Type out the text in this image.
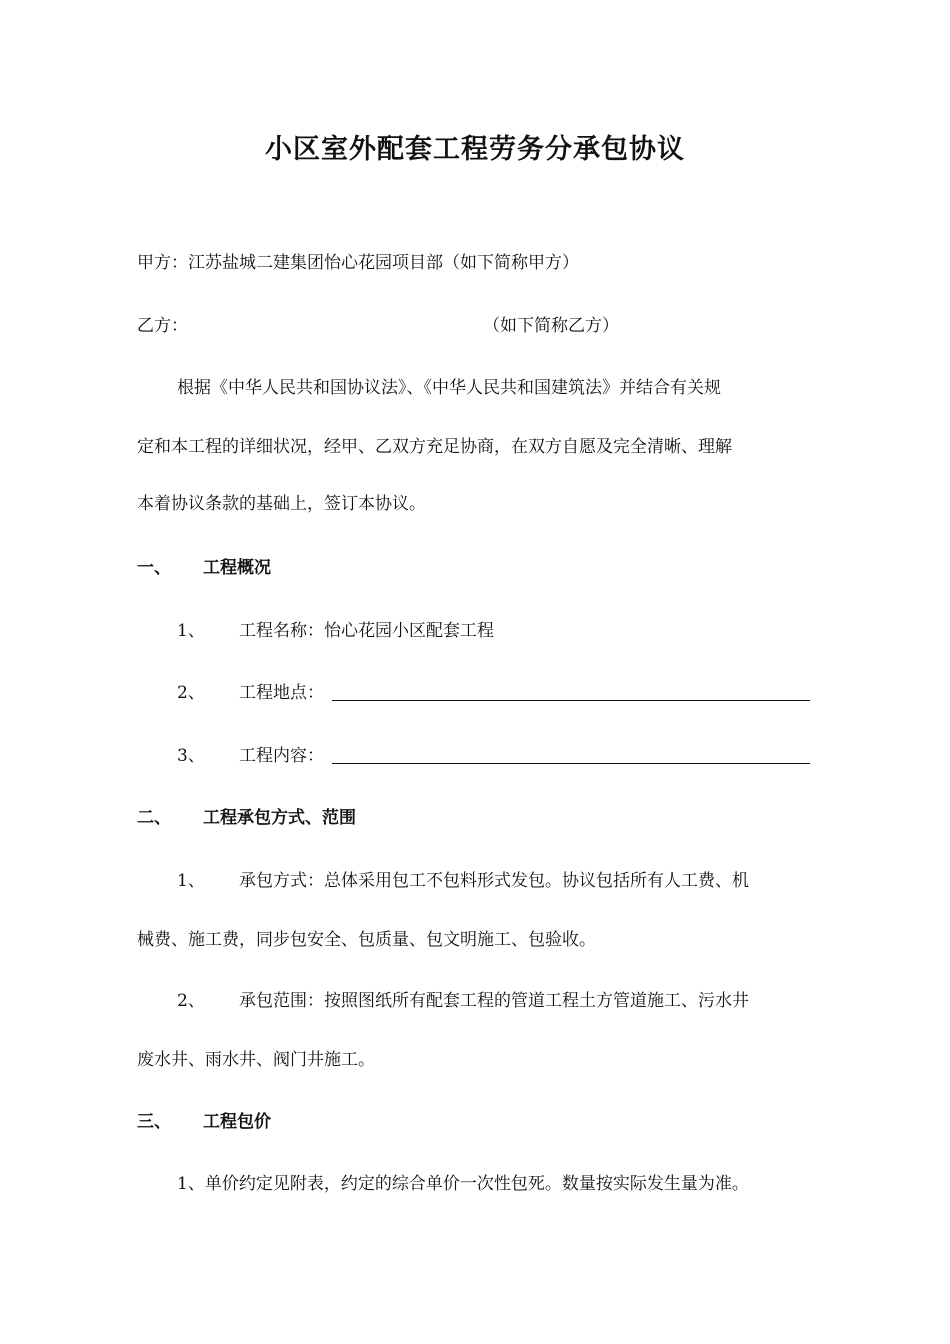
小区室外配套工程劳务分承包协议
甲方：江苏盐城二建集团怡心花园项目部（如下简称甲方）
乙方：	（如下简称乙方）
根据《中华人民共和国协议法》、《中华人民共和国建筑法》并结合有关规
定和本工程的详细状况，经甲、乙双方充足协商，在双方自愿及完全清晰、理解
本着协议条款的基础上，签订本协议。
一、 工程概况
1、 工程名称：怡心花园小区配套工程
2、 工程地点：
3、 工程内容：
二、 工程承包方式、范围
1、 承包方式：总体采用包工不包料形式发包。协议包括所有人工费、机
械费、施工费，同步包安全、包质量、包文明施工、包验收。
2、 承包范围：按照图纸所有配套工程的管道工程土方管道施工、污水井
废水井、雨水井、阀门井施工。
三、 工程包价
1、单价约定见附表，约定的综合单价一次性包死。数量按实际发生量为准。
